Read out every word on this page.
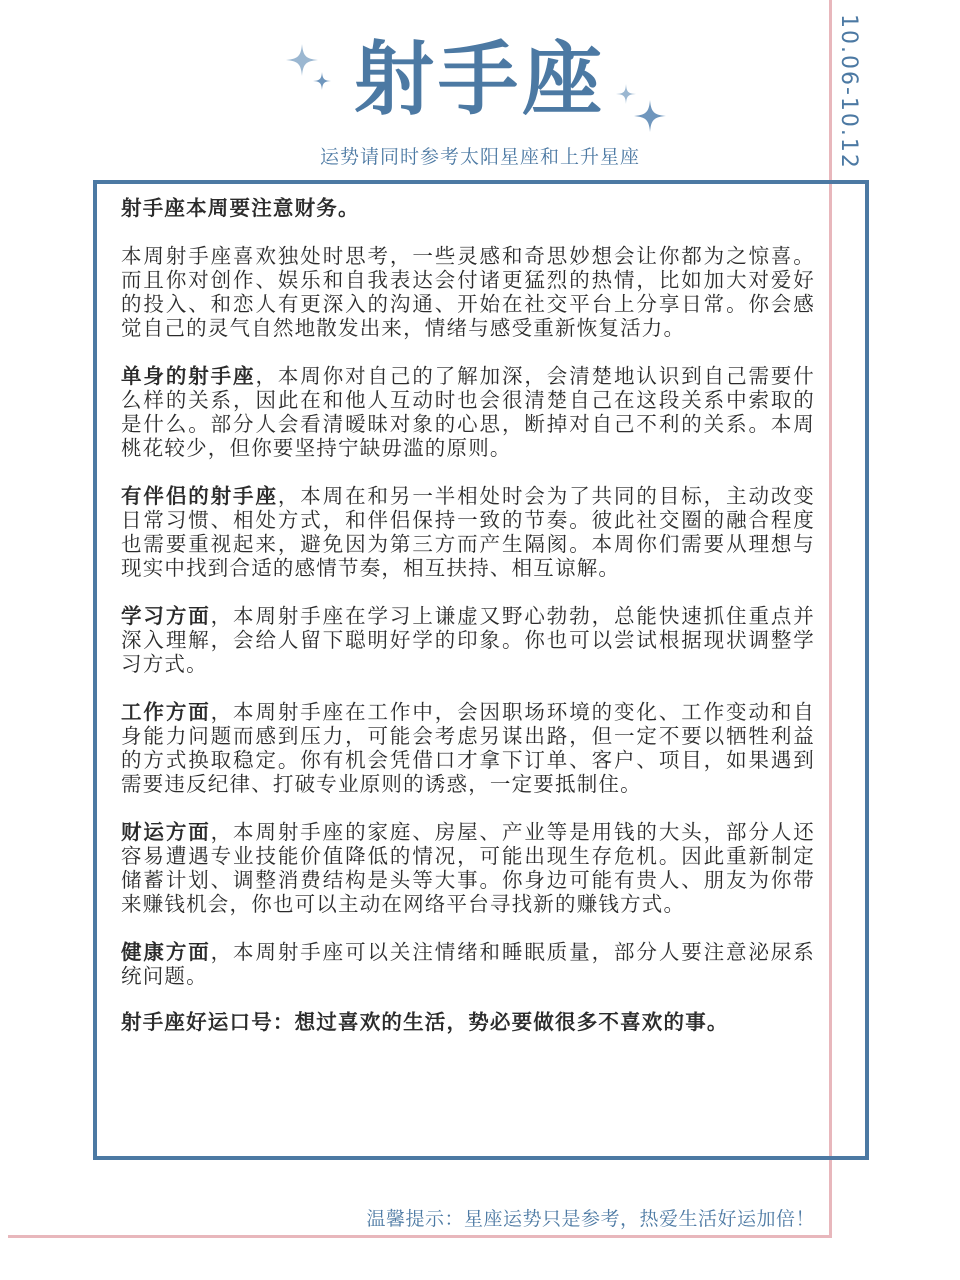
10.06-10.12
射手座
运势请同时参考太阳星座和上升星座

射手座本周要注意财务。

本周射手座喜欢独处时思考，一些灵感和奇思妙想会让你都为之惊喜。而且你对创作、娱乐和自我表达会付诸更猛烈的热情，比如加大对爱好的投入、和恋人有更深入的沟通、开始在社交平台上分享日常。你会感觉自己的灵气自然地散发出来，情绪与感受重新恢复活力。

单身的射手座，本周你对自己的了解加深，会清楚地认识到自己需要什么样的关系，因此在和他人互动时也会很清楚自己在这段关系中索取的是什么。部分人会看清暧昧对象的心思，断掉对自己不利的关系。本周桃花较少，但你要坚持宁缺毋滥的原则。

有伴侣的射手座，本周在和另一半相处时会为了共同的目标，主动改变日常习惯、相处方式，和伴侣保持一致的节奏。彼此社交圈的融合程度也需要重视起来，避免因为第三方而产生隔阂。本周你们需要从理想与现实中找到合适的感情节奏，相互扶持、相互谅解。

学习方面，本周射手座在学习上谦虚又野心勃勃，总能快速抓住重点并深入理解，会给人留下聪明好学的印象。你也可以尝试根据现状调整学习方式。

工作方面，本周射手座在工作中，会因职场环境的变化、工作变动和自身能力问题而感到压力，可能会考虑另谋出路，但一定不要以牺牲利益的方式换取稳定。你有机会凭借口才拿下订单、客户、项目，如果遇到需要违反纪律、打破专业原则的诱惑，一定要抵制住。

财运方面，本周射手座的家庭、房屋、产业等是用钱的大头，部分人还容易遭遇专业技能价值降低的情况，可能出现生存危机。因此重新制定储蓄计划、调整消费结构是头等大事。你身边可能有贵人、朋友为你带来赚钱机会，你也可以主动在网络平台寻找新的赚钱方式。

健康方面，本周射手座可以关注情绪和睡眠质量，部分人要注意泌尿系统问题。

射手座好运口号：想过喜欢的生活，势必要做很多不喜欢的事。

温馨提示：星座运势只是参考，热爱生活好运加倍！
